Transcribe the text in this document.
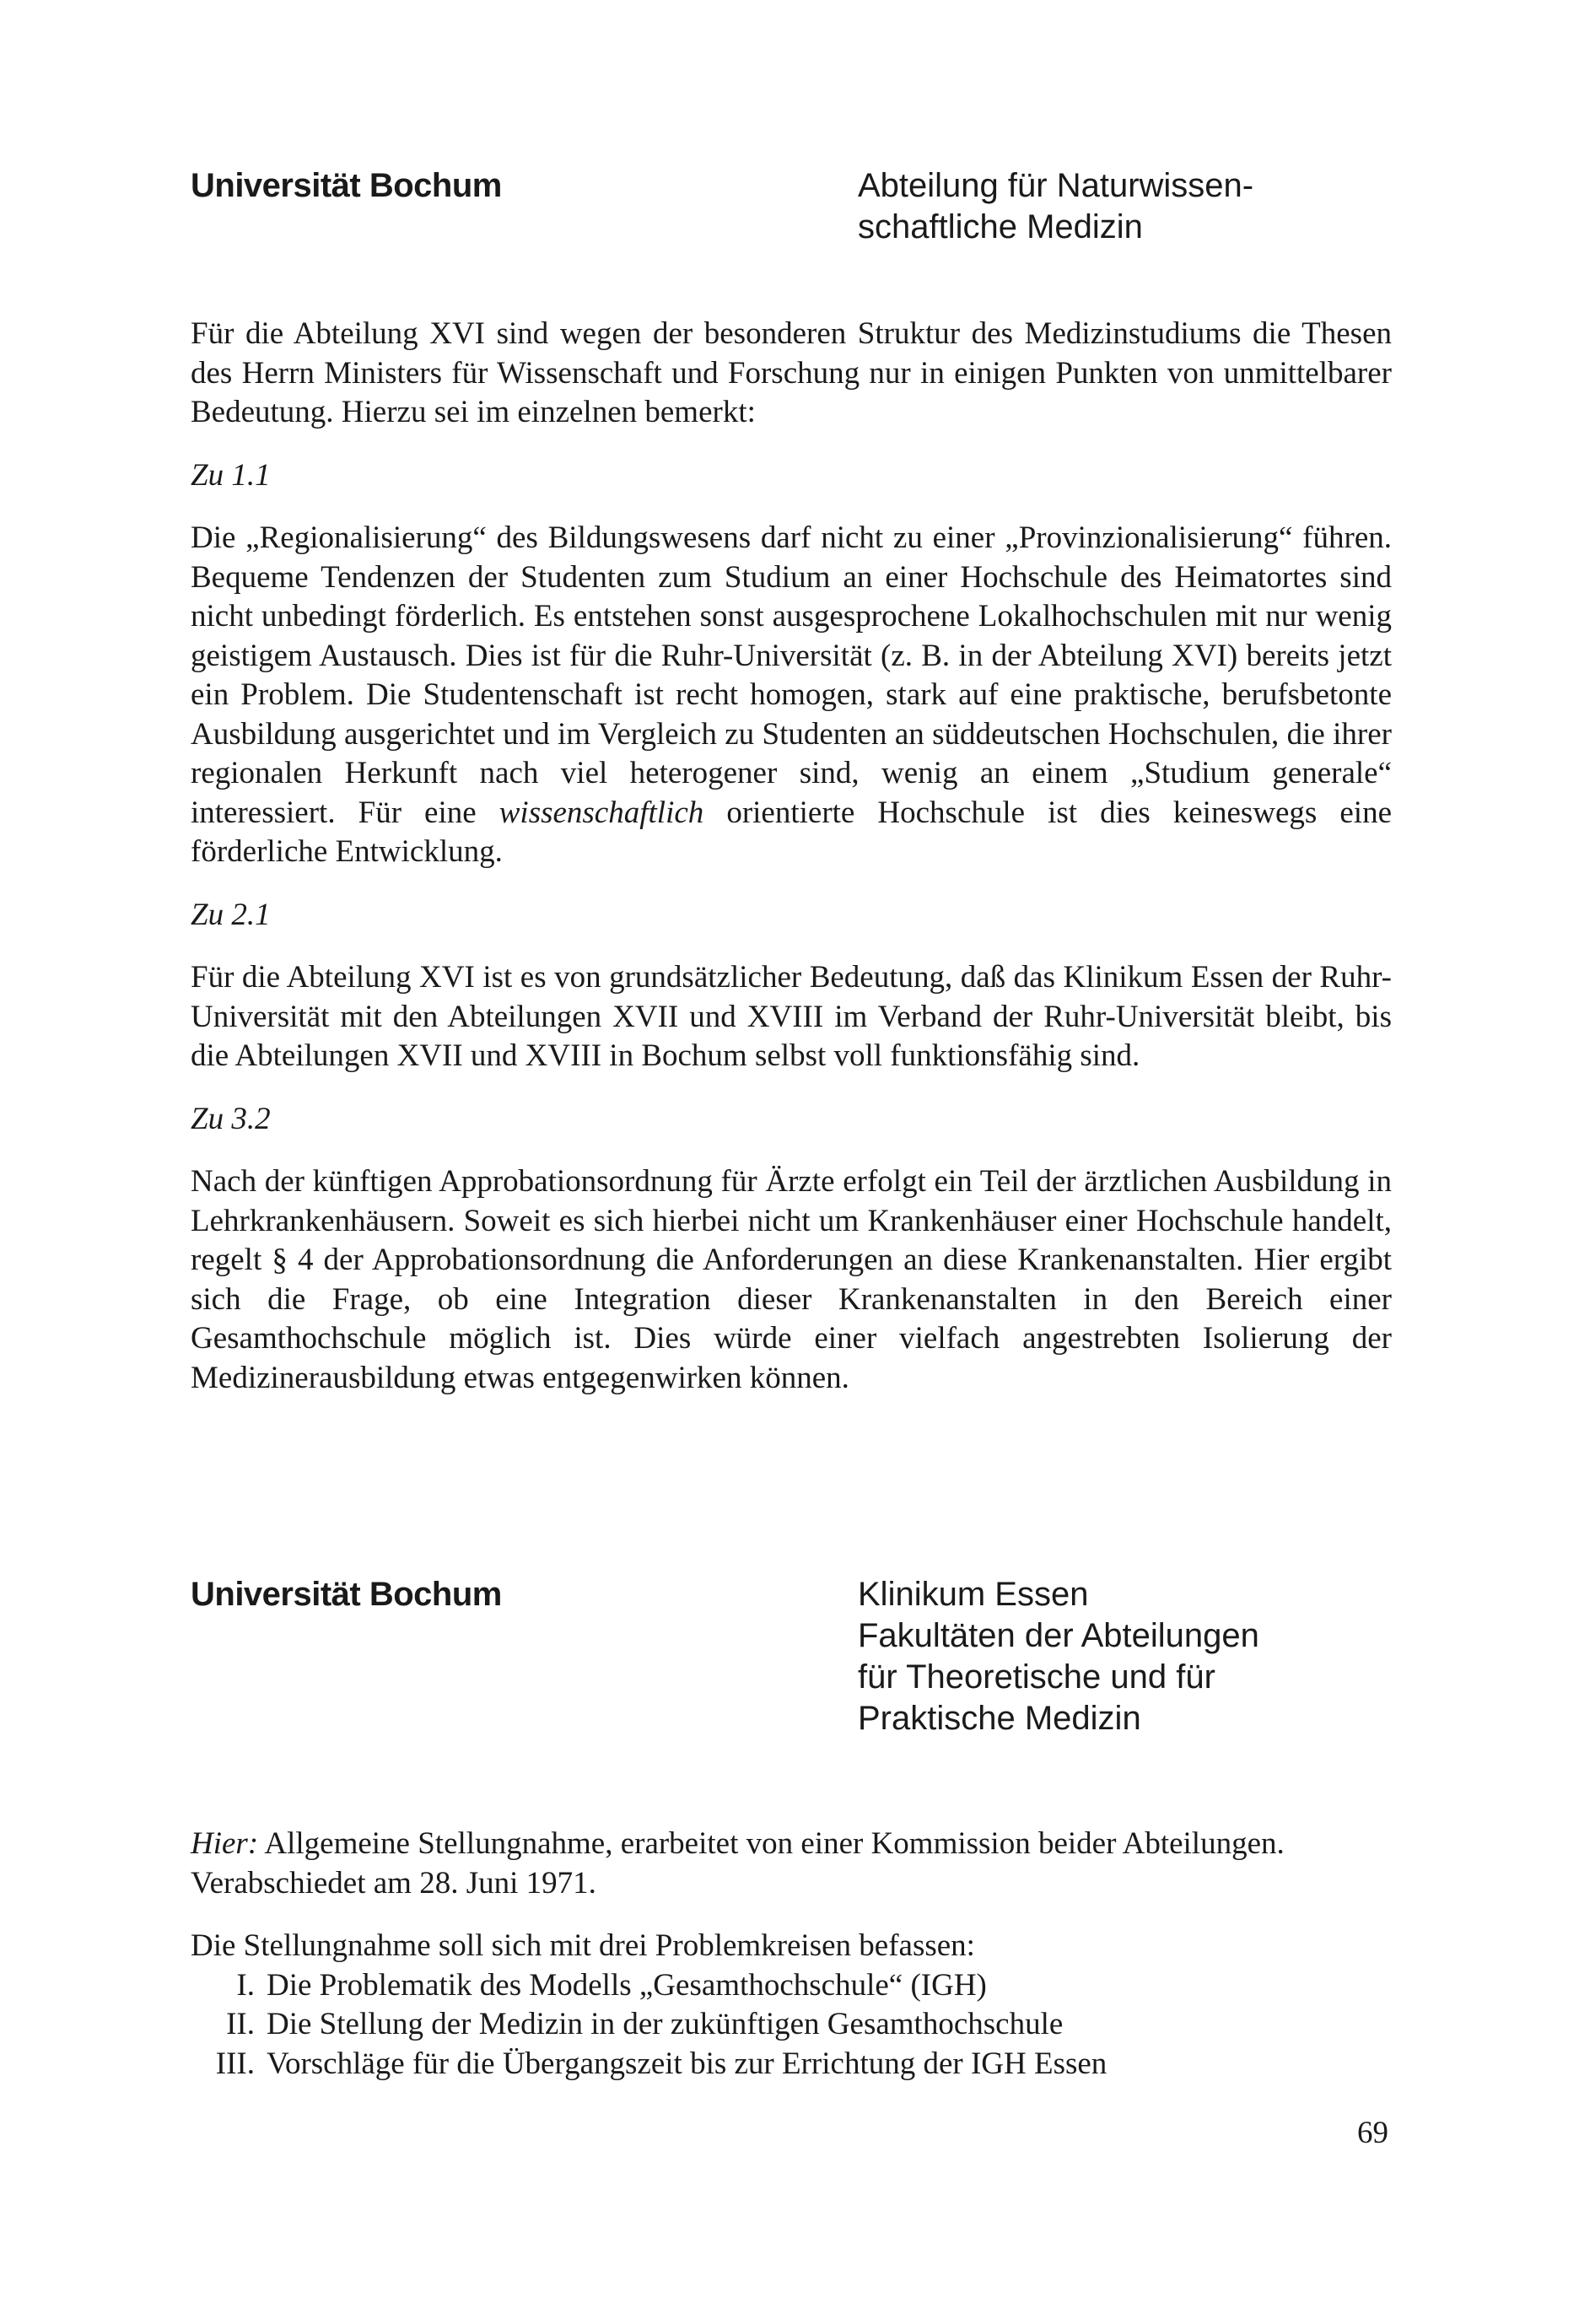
Universität Bochum	Abteilung für Naturwissen-
schaftliche Medizin

Für die Abteilung XVI sind wegen der besonderen Struktur des Medizinstudiums die Thesen des Herrn Ministers für Wissenschaft und Forschung nur in einigen Punkten von unmittelbarer Bedeutung. Hierzu sei im einzelnen bemerkt:

Zu 1.1

Die „Regionalisierung“ des Bildungswesens darf nicht zu einer „Provinzionalisierung“ führen. Bequeme Tendenzen der Studenten zum Studium an einer Hochschule des Heimatortes sind nicht unbedingt förderlich. Es entstehen sonst ausgesprochene Lokalhochschulen mit nur wenig geistigem Austausch. Dies ist für die Ruhr-Universität (z. B. in der Abteilung XVI) bereits jetzt ein Problem. Die Studentenschaft ist recht homogen, stark auf eine praktische, berufsbetonte Ausbildung ausgerichtet und im Vergleich zu Studenten an süddeutschen Hochschulen, die ihrer regionalen Herkunft nach viel heterogener sind, wenig an einem „Studium generale“ interessiert. Für eine wissenschaftlich orientierte Hochschule ist dies keineswegs eine förderliche Entwicklung.

Zu 2.1

Für die Abteilung XVI ist es von grundsätzlicher Bedeutung, daß das Klinikum Essen der Ruhr-Universität mit den Abteilungen XVII und XVIII im Verband der Ruhr-Universität bleibt, bis die Abteilungen XVII und XVIII in Bochum selbst voll funktionsfähig sind.

Zu 3.2

Nach der künftigen Approbationsordnung für Ärzte erfolgt ein Teil der ärztlichen Ausbildung in Lehrkrankenhäusern. Soweit es sich hierbei nicht um Krankenhäuser einer Hochschule handelt, regelt § 4 der Approbationsordnung die Anforderungen an diese Krankenanstalten. Hier ergibt sich die Frage, ob eine Integration dieser Krankenanstalten in den Bereich einer Gesamthochschule möglich ist. Dies würde einer vielfach angestrebten Isolierung der Medizinerausbildung etwas entgegenwirken können.

Universität Bochum	Klinikum Essen
Fakultäten der Abteilungen
für Theoretische und für
Praktische Medizin

Hier: Allgemeine Stellungnahme, erarbeitet von einer Kommission beider Abteilungen.

Verabschiedet am 28. Juni 1971.

Die Stellungnahme soll sich mit drei Problemkreisen befassen:

I. Die Problematik des Modells „Gesamthochschule“ (IGH)
II. Die Stellung der Medizin in der zukünftigen Gesamthochschule
III. Vorschläge für die Übergangszeit bis zur Errichtung der IGH Essen
69
